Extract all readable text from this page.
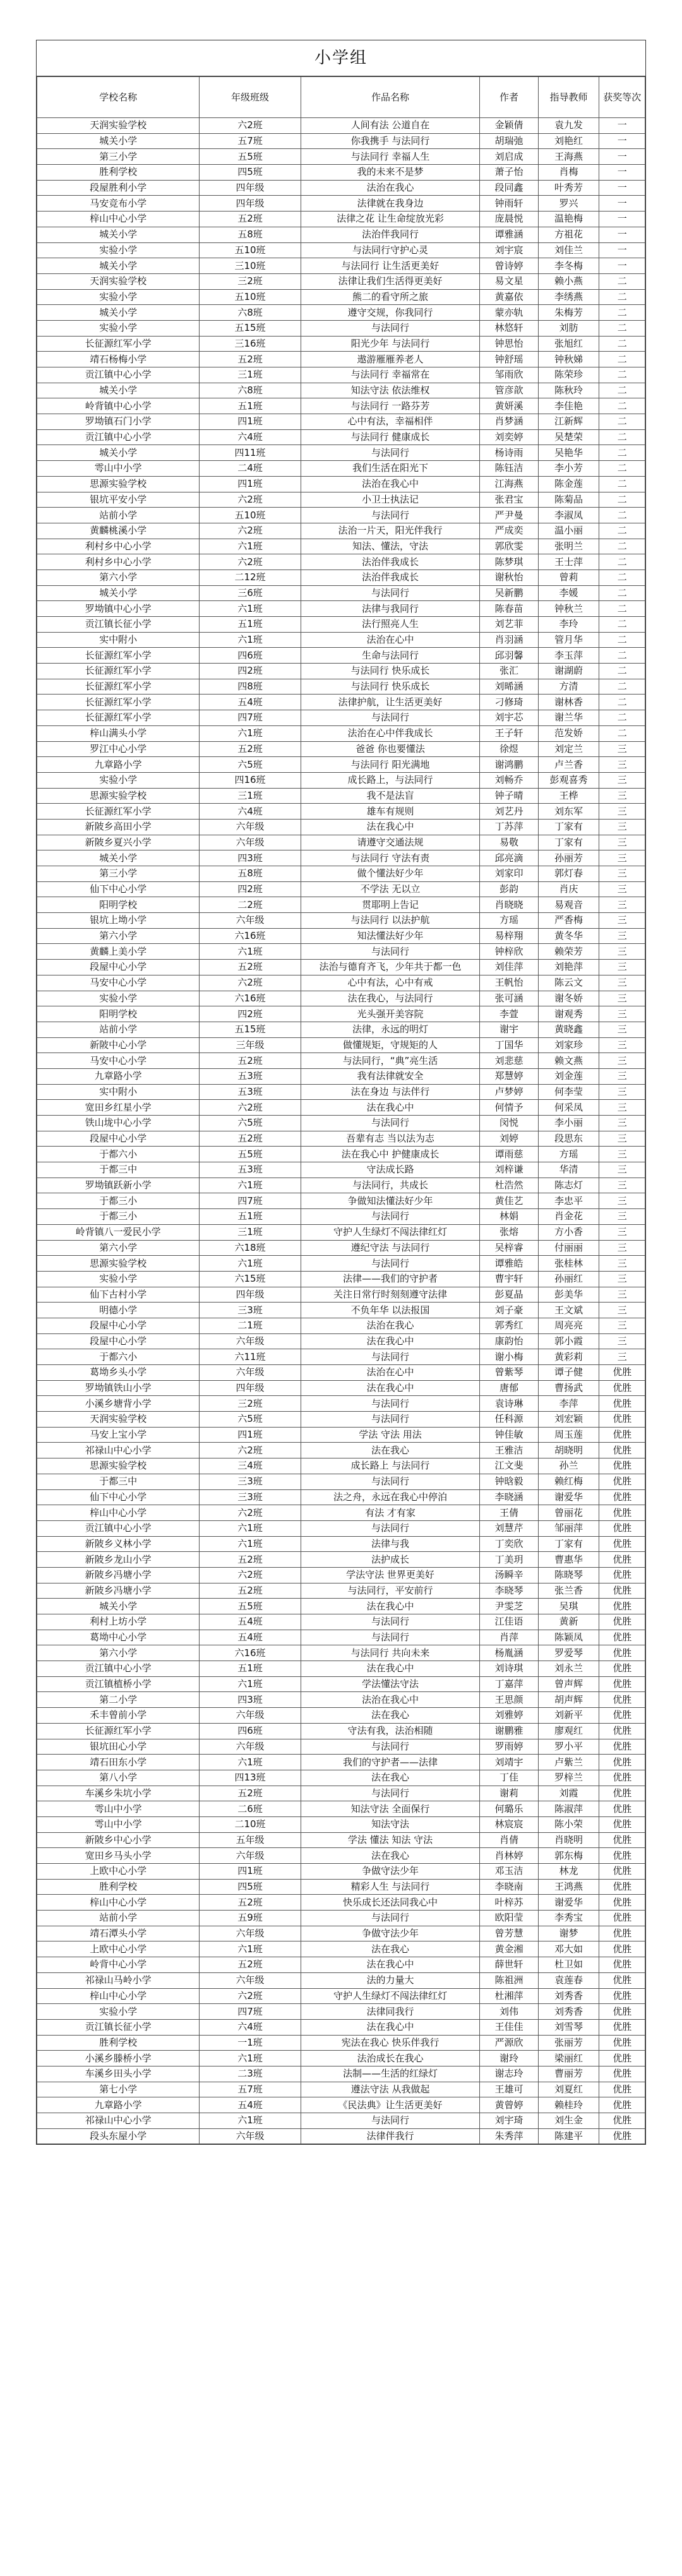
小学组
学校名称	年级班级	作品名称	作者	指导教师	获奖等次
天润实验学校	六2班	人间有法 公道自在	金颖倩	袁九发	一
城关小学	五7班	你我携手 与法同行	胡瑞弛	刘艳红	一
第三小学	五5班	与法同行 幸福人生	刘启成	王海燕	一
胜利学校	四5班	我的未来不是梦	萧子怡	肖梅	一
段屋胜利小学	四年级	法治在我心	段同鑫	叶秀芳	一
马安竞布小学	四年级	法律就在我身边	钟雨轩	罗兴	一
梓山中心小学	五2班	法律之花 让生命绽放光彩	庞晨悦	温艳梅	一
城关小学	五8班	法治伴我同行	谭雅涵	方祖花	一
实验小学	五10班	与法同行守护心灵	刘宇宸	刘佳兰	一
城关小学	三10班	与法同行 让生活更美好	曾诗婷	李冬梅	一
天润实验学校	三2班	法律让我们生活得更美好	易文星	赖小燕	二
实验小学	五10班	熊二的看守所之旅	黄嘉依	李绣燕	二
城关小学	六8班	遵守交规，你我同行	蒙亦轨	朱梅芳	二
实验小学	五15班	与法同行	林悠轩	刘肪	二
长征源红军小学	三16班	阳光少年 与法同行	钟思怡	张旭红	二
靖石杨梅小学	五2班	遨游雁雁养老人	钟舒瑶	钟秋娣	二
贡江镇中心小学	三1班	与法同行 幸福常在	邹雨欣	陈荣珍	二
城关小学	六8班	知法守法 依法维权	管彦歆	陈秋玲	二
岭背镇中心小学	五1班	与法同行 一路芬芳	黄妍溪	李佳艳	二
罗坳镇石门小学	四1班	心中有法，幸福相伴	肖梦涵	江新辉	二
贡江镇中心小学	六4班	与法同行 健康成长	刘奕婷	吴楚荣	二
城关小学	四11班	与法同行	杨诗雨	吴艳华	二
雩山中小学	二4班	我们生活在阳光下	陈钰洁	李小芳	二
思源实验学校	四1班	法治在我心中	江海燕	陈金莲	二
银坑平安小学	六2班	小卫士执法记	张君宝	陈菊品	二
站前小学	五10班	与法同行	严尹曼	李淑凤	二
黄麟桃溪小学	六2班	法治一片天，阳光伴我行	严成奕	温小丽	二
利村乡中心小学	六1班	知法、懂法，守法	郭欣雯	张明兰	二
利村乡中心小学	六2班	法治伴我成长	陈梦琪	王士萍	二
第六小学	二12班	法治伴我成长	谢秋怡	曾莉	二
城关小学	三6班	与法同行	吴新鹏	李媛	二
罗坳镇中心小学	六1班	法律与我同行	陈春苗	钟秋兰	二
贡江镇长征小学	五1班	法行照亮人生	刘艺菲	李玲	二
实中附小	六1班	法治在心中	肖羽涵	管月华	二
长征源红军小学	四6班	生命与法同行	邱羽馨	李玉萍	二
长征源红军小学	四2班	与法同行 快乐成长	张汇	谢湖蔚	二
长征源红军小学	四8班	与法同行 快乐成长	刘晞涵	方清	二
长征源红军小学	五4班	法律护航，让生活更美好	刁修琦	谢林香	二
长征源红军小学	四7班	与法同行	刘宇芯	谢兰华	二
梓山满头小学	六1班	法治在心中伴我成长	王子轩	范发娇	二
罗江中心小学	五2班	爸爸 你也要懂法	徐煜	刘定兰	三
九章路小学	六5班	与法同行 阳光满地	谢鸿鹏	卢兰香	三
实验小学	四16班	成长路上，与法同行	刘畅乔	彭观喜秀	三
思源实验学校	三1班	我不是法盲	钟子晴	王桦	三
长征源红军小学	六4班	雄车有规则	刘艺丹	刘东军	三
新陂乡高田小学	六年级	法在我心中	丁苏萍	丁家有	三
新陂乡夏兴小学	六年级	请遵守交通法规	易敬	丁家有	三
城关小学	四3班	与法同行 守法有责	邱亮滴	孙丽芳	三
第三小学	五8班	做个懂法好少年	刘家印	郭灯春	三
仙下中心小学	四2班	不学法 无以立	彭韵	肖庆	三
阳明学校	二2班	贯耶明上告记	肖晓晓	易观音	三
银坑上坳小学	六年级	与法同行 以法护航	方瑶	严香梅	三
第六小学	六16班	知法懂法好少年	易梓翔	黄冬华	三
黄麟上美小学	六1班	与法同行	钟梓欣	赖荣芳	三
段屋中心小学	五2班	法治与德育齐飞，少年共于都一色	刘佳萍	刘艳萍	三
马安中心小学	六2班	心中有法，心中有戒	王帆怡	陈云文	三
实验小学	六16班	法在我心，与法同行	张可涵	谢冬娇	三
阳明学校	四2班	光头强开美容院	李萱	谢观秀	三
站前小学	五15班	法律，永远的明灯	谢宇	黄晓鑫	三
新陂中心小学	三年级	做懂规矩，守规矩的人	丁国华	刘家珍	三
马安中心小学	五2班	与法同行，“典”亮生活	刘悲慈	赖文燕	三
九章路小学	五3班	我有法律就安全	郑慧婷	刘金莲	三
实中附小	五3班	法在身边 与法伴行	卢梦婷	何李莹	三
宽田乡红星小学	六2班	法在我心中	何情予	何采凤	三
铁山垅中心小学	六5班	与法同行	闵悦	李小丽	三
段屋中心小学	五2班	吾辈有志 当以法为志	刘婷	段思东	三
于都六小	五5班	法在我心中 护健康成长	谭雨慈	方瑶	三
于都三中	五3班	守法成长路	刘梓谦	华清	三
罗坳镇跃新小学	六1班	与法同行，共成长	杜浩然	陈志灯	三
于都三小	四7班	争做知法懂法好少年	黄佳艺	李忠平	三
于都三小	五1班	与法同行	林娟	肖金花	三
岭背镇八一爱民小学	三1班	守护人生绿灯不闯法律红灯	张熔	方小香	三
第六小学	六18班	遵纪守法 与法同行	吴梓睿	付丽丽	三
思源实验学校	六1班	与法同行	谭雅皓	张桂林	三
实验小学	六15班	法律——我们的守护者	曹宇轩	孙丽红	三
仙下古村小学	四年级	关注日常行时刻刻遵守法律	彭夏晶	彭美华	三
明德小学	三3班	不负年华 以法报国	刘子豪	王文斌	三
段屋中心小学	二1班	法治在我心	郭秀红	周亮亮	三
段屋中心小学	六年级	法在我心中	康韵怡	郭小霞	三
于都六小	六11班	与法同行	谢小梅	黄彩莉	三
葛坳乡头小学	六年级	法治在心中	曾紫琴	谭子健	优胜
罗坳镇铁山小学	四年级	法在我心中	唐郁	曹扬武	优胜
小溪乡塘背小学	三2班	与法同行	袁诗琳	李萍	优胜
天润实验学校	六5班	与法同行	任科源	刘宏颖	优胜
马安上宝小学	四1班	学法 守法 用法	钟佳敏	周玉莲	优胜
祁禄山中心小学	六2班	法在我心	王雅洁	胡晓明	优胜
思源实验学校	三4班	成长路上 与法同行	江文斐	孙兰	优胜
于都三中	三3班	与法同行	钟晗毅	赖红梅	优胜
仙下中心小学	三3班	法之舟，永远在我心中停泊	李晓涵	谢爱华	优胜
梓山中心小学	六2班	有法 才有家	王倩	曾丽花	优胜
贡江镇中心小学	六1班	与法同行	刘慧芹	邹丽萍	优胜
新陂乡义林小学	六1班	法律与我	丁奕欣	丁家有	优胜
新陂乡龙山小学	五2班	法护成长	丁美玥	曹惠华	优胜
新陂乡冯塘小学	六2班	学法守法 世界更美好	汤瞬辛	陈晓琴	优胜
新陂乡冯塘小学	五2班	与法同行，平安前行	李晓琴	张兰香	优胜
城关小学	五5班	法在我心中	尹雯芝	吴琪	优胜
利村上坊小学	五4班	与法同行	江佳语	黄新	优胜
葛坳中心小学	五4班	与法同行	肖萍	陈颖凤	优胜
第六小学	六16班	与法同行 共向未来	杨胤涵	罗爱琴	优胜
贡江镇中心小学	五1班	法在我心中	刘诗琪	刘永兰	优胜
贡江镇植桥小学	六1班	学法懂法守法	丁嘉萍	曾声辉	优胜
第二小学	四3班	法治在我心中	王思颜	胡声辉	优胜
禾丰曾前小学	六年级	法在我心	刘雅婷	刘新平	优胜
长征源红军小学	四6班	守法有我，法治相随	谢鹏雅	廖观红	优胜
银坑田心小学	六年级	与法同行	罗雨婷	罗小平	优胜
靖石田东小学	六1班	我们的守护者——法律	刘靖宇	卢紫兰	优胜
第八小学	四13班	法在我心	丁佳	罗梓兰	优胜
车溪乡朱坑小学	五2班	与法同行	谢莉	刘霞	优胜
雩山中小学	二6班	知法守法 全面保行	何璐乐	陈淑萍	优胜
雩山中小学	二10班	知法守法	林宸宸	陈小荣	优胜
新陂乡中心小学	五年级	学法 懂法 知法 守法	肖倩	肖晓明	优胜
宽田乡马头小学	六年级	法在我心	肖林婷	郭东梅	优胜
上欧中心小学	四1班	争做守法少年	邓玉洁	林龙	优胜
胜利学校	四5班	精彩人生 与法同行	李晓南	王鸿燕	优胜
梓山中心小学	五2班	快乐成长还法同我心中	叶梓苏	谢爱华	优胜
站前小学	五9班	与法同行	欧阳莹	李秀宝	优胜
靖石潭头小学	六年级	争做守法少年	曾芳慧	谢梦	优胜
上欧中心小学	六1班	法在我心	黄金湘	邓大如	优胜
岭背中心小学	五2班	法在我心中	薛世轩	杜卫如	优胜
祁禄山马岭小学	六年级	法的力量大	陈祖洲	袁莲春	优胜
梓山中心小学	六2班	守护人生绿灯不闯法律红灯	杜湘萍	刘秀香	优胜
实验小学	四7班	法律同我行	刘伟	刘秀香	优胜
贡江镇长征小学	六4班	法在我心中	王佳佳	刘雪琴	优胜
胜利学校	一1班	宪法在我心 快乐伴我行	严源欣	张丽芳	优胜
小溪乡滕桥小学	六1班	法治成长在我心	谢玲	梁丽红	优胜
车溪乡田头小学	二3班	法制——生活的红绿灯	谢志玲	曹丽芳	优胜
第七小学	五7班	遵法守法 从我做起	王雄可	刘夏红	优胜
九章路小学	五4班	《民法典》让生活更美好	黄曾婷	赖桂玲	优胜
祁禄山中心小学	六1班	与法同行	刘宇琦	刘生金	优胜
段头东屋小学	六年级	法律伴我行	朱秀萍	陈建平	优胜
